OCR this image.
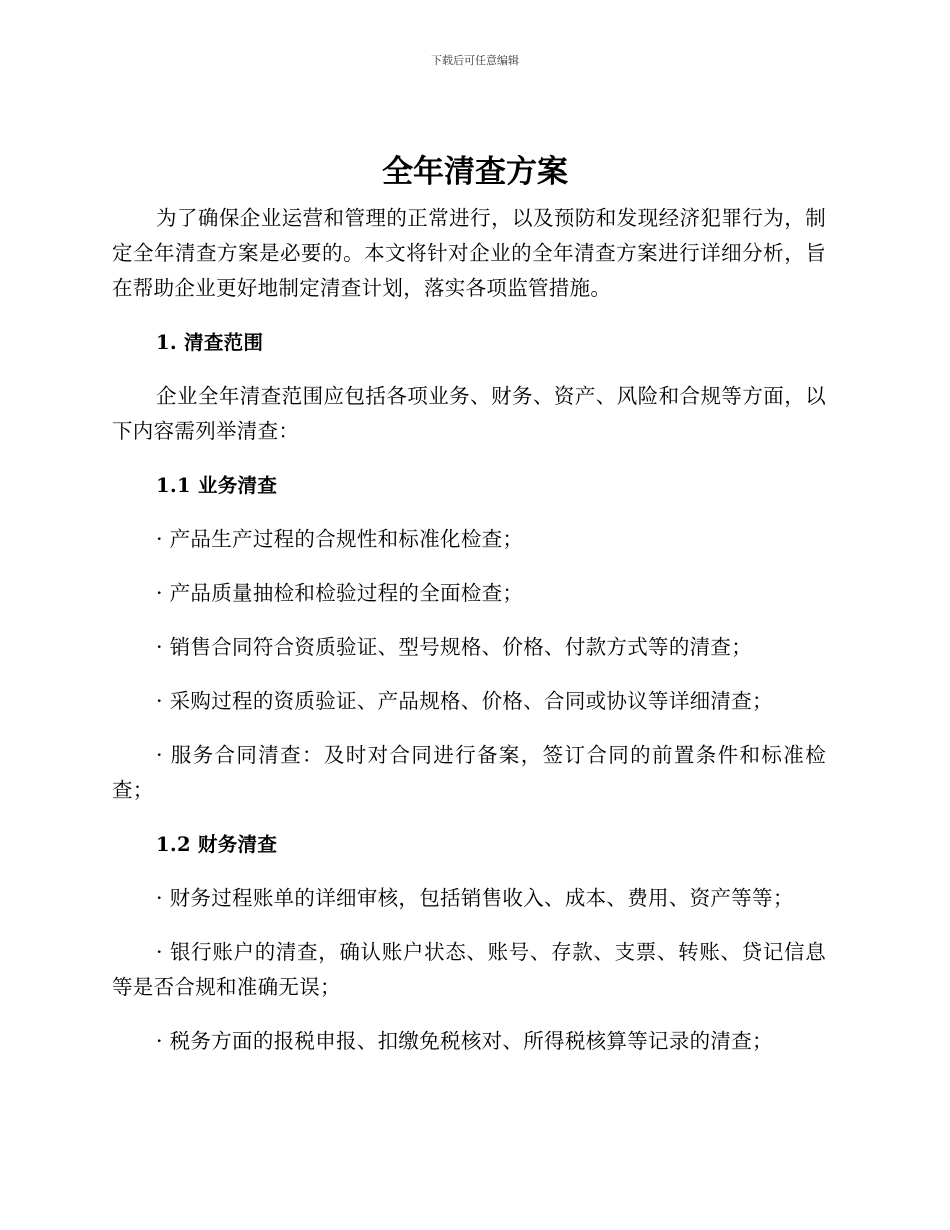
下载后可任意编辑
全年清查方案

为了确保企业运营和管理的正常进行，以及预防和发现经济犯罪行为，制定全年清查方案是必要的。本文将针对企业的全年清查方案进行详细分析，旨在帮助企业更好地制定清查计划，落实各项监管措施。

1. 清查范围

企业全年清查范围应包括各项业务、财务、资产、风险和合规等方面，以下内容需列举清查：

1.1 业务清查

· 产品生产过程的合规性和标准化检查；

· 产品质量抽检和检验过程的全面检查；

· 销售合同符合资质验证、型号规格、价格、付款方式等的清查；

· 采购过程的资质验证、产品规格、价格、合同或协议等详细清查；

· 服务合同清查：及时对合同进行备案，签订合同的前置条件和标准检查；

1.2 财务清查

· 财务过程账单的详细审核，包括销售收入、成本、费用、资产等等；

· 银行账户的清查，确认账户状态、账号、存款、支票、转账、贷记信息等是否合规和准确无误；

· 税务方面的报税申报、扣缴免税核对、所得税核算等记录的清查；
